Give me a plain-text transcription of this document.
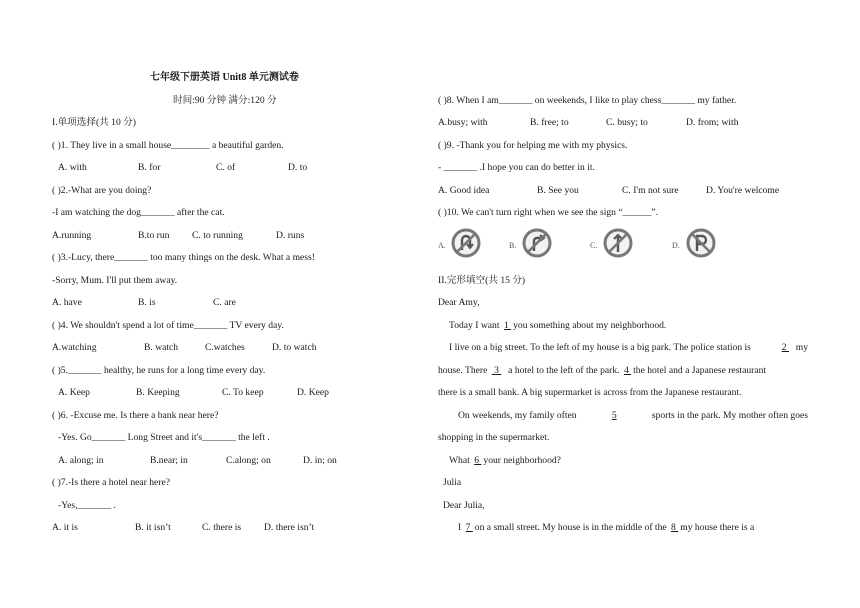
七年级下册英语 Unit8 单元测试卷
时间:90 分钟 满分:120 分
I.单项选择(共 10 分)
( )1. They live in a small house________ a beautiful garden.
A. with	B. for	C. of	D. to
( )2.-What are you doing?
-I am watching the dog_______ after the cat.
A.running	B.to run C. to running	D. runs
( )3.-Lucy, there_______ too many things on the desk. What a mess!
-Sorry, Mum. I'll put them away.
A. have	B. is	C. are
( )4. We shouldn't spend a lot of time_______ TV every day.
A.watching	B. watch	C.watches	D. to watch
( )5._______ healthy, he runs for a long time every day.
A. Keep	B. Keeping	C. To keep	D. Keep
( )6. -Excuse me. Is there a bank near here?
-Yes. Go_______ Long Street and it's_______ the left .
A. along; in	B.near; in	C.along; on	D. in; on
( )7.-Is there a hotel near here?
-Yes,_______ .
A. it is	B. it isn’t	C. there is D. there isn’t
( )8. When I am_______ on weekends, I like to play chess_______ my father.
A.busy; with	B. free; to	C. busy; to	D. from; with
( )9. -Thank you for helping me with my physics.
- _______ .I hope you can do better in it.
A. Good idea	B. See you	C. I'm not sure	D. You're welcome
( )10. We can't turn right when we see the sign “______”.
A.	B.	C.	D.
II.完形填空(共 15 分)
Dear Amy,
Today I want 1 you something about my neighborhood.
I live on a big street. To the left of my house is a big park. The police station is	2   my
house. There  3   a hotel to the left of the park. 4 the hotel and a Japanese restaurant
there is a small bank. A big supermarket is across from the Japanese restaurant.
On weekends, my family often	5	sports in the park. My mother often goes
shopping in the supermarket.
What 6 your neighborhood?
Julia
Dear Julia,
I 7 on a small street. My house is in the middle of the 8 my house there is a
